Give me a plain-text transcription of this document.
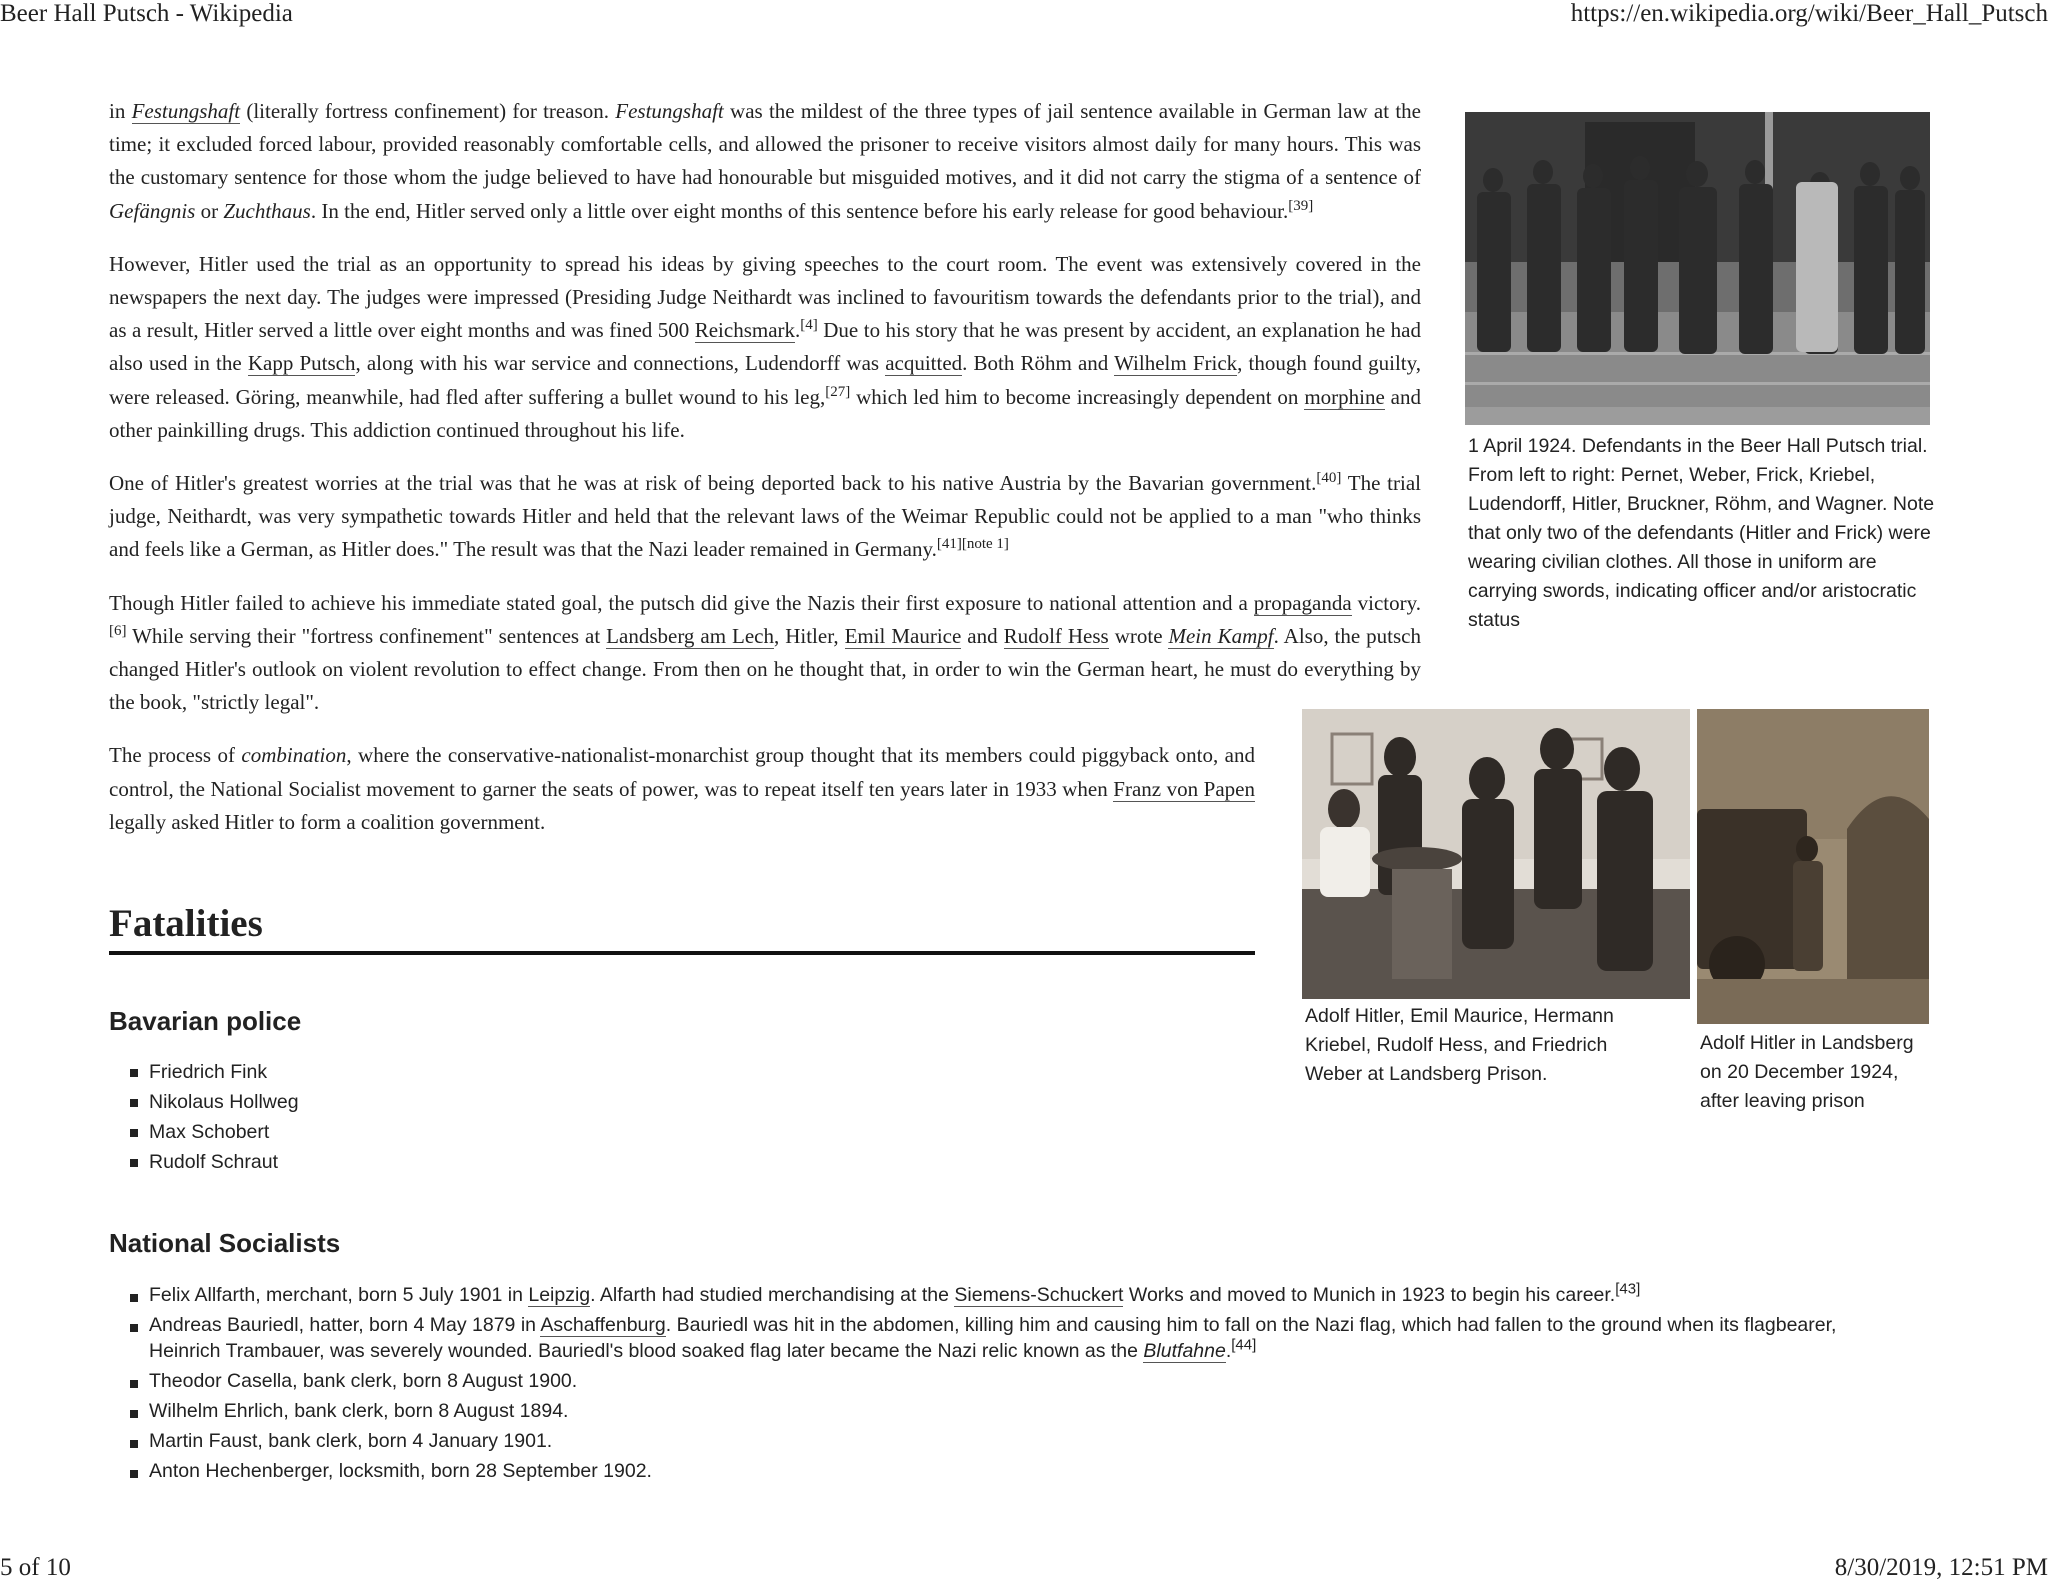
Beer Hall Putsch - Wikipedia	https://en.wikipedia.org/wiki/Beer_Hall_Putsch
5 of 10	8/30/2019, 12:51 PM

in Festungshaft (literally fortress confinement) for treason. Festungshaft was the mildest of the three types of jail sentence available in German law at the time; it excluded forced labour, provided reasonably comfortable cells, and allowed the prisoner to receive visitors almost daily for many hours. This was the customary sentence for those whom the judge believed to have had honourable but misguided motives, and it did not carry the stigma of a sentence of Gefängnis or Zuchthaus. In the end, Hitler served only a little over eight months of this sentence before his early release for good behaviour.[39]

However, Hitler used the trial as an opportunity to spread his ideas by giving speeches to the court room. The event was extensively covered in the newspapers the next day. The judges were impressed (Presiding Judge Neithardt was inclined to favouritism towards the defendants prior to the trial), and as a result, Hitler served a little over eight months and was fined 500 Reichsmark.[4] Due to his story that he was present by accident, an explanation he had also used in the Kapp Putsch, along with his war service and connections, Ludendorff was acquitted. Both Röhm and Wilhelm Frick, though found guilty, were released. Göring, meanwhile, had fled after suffering a bullet wound to his leg,[27] which led him to become increasingly dependent on morphine and other painkilling drugs. This addiction continued throughout his life.

One of Hitler's greatest worries at the trial was that he was at risk of being deported back to his native Austria by the Bavarian government.[40] The trial judge, Neithardt, was very sympathetic towards Hitler and held that the relevant laws of the Weimar Republic could not be applied to a man "who thinks and feels like a German, as Hitler does." The result was that the Nazi leader remained in Germany.[41][note 1]

Though Hitler failed to achieve his immediate stated goal, the putsch did give the Nazis their first exposure to national attention and a propaganda victory.[6] While serving their "fortress confinement" sentences at Landsberg am Lech, Hitler, Emil Maurice and Rudolf Hess wrote Mein Kampf. Also, the putsch changed Hitler's outlook on violent revolution to effect change. From then on he thought that, in order to win the German heart, he must do everything by the book, "strictly legal".

The process of combination, where the conservative-nationalist-monarchist group thought that its members could piggyback onto, and control, the National Socialist movement to garner the seats of power, was to repeat itself ten years later in 1933 when Franz von Papen legally asked Hitler to form a coalition government.

Fatalities
Bavarian police
Friedrich Fink
Nikolaus Hollweg
Max Schobert
Rudolf Schraut
National Socialists
Felix Allfarth, merchant, born 5 July 1901 in Leipzig. Alfarth had studied merchandising at the Siemens-Schuckert Works and moved to Munich in 1923 to begin his career.[43]
Andreas Bauriedl, hatter, born 4 May 1879 in Aschaffenburg. Bauriedl was hit in the abdomen, killing him and causing him to fall on the Nazi flag, which had fallen to the ground when its flagbearer, Heinrich Trambauer, was severely wounded. Bauriedl's blood soaked flag later became the Nazi relic known as the Blutfahne.[44]
Theodor Casella, bank clerk, born 8 August 1900.
Wilhelm Ehrlich, bank clerk, born 8 August 1894.
Martin Faust, bank clerk, born 4 January 1901.
Anton Hechenberger, locksmith, born 28 September 1902.
1 April 1924. Defendants in the Beer Hall Putsch trial. From left to right: Pernet, Weber, Frick, Kriebel, Ludendorff, Hitler, Bruckner, Röhm, and Wagner. Note that only two of the defendants (Hitler and Frick) were wearing civilian clothes. All those in uniform are carrying swords, indicating officer and/or aristocratic status
Adolf Hitler, Emil Maurice, Hermann Kriebel, Rudolf Hess, and Friedrich Weber at Landsberg Prison.
Adolf Hitler in Landsberg on 20 December 1924, after leaving prison
